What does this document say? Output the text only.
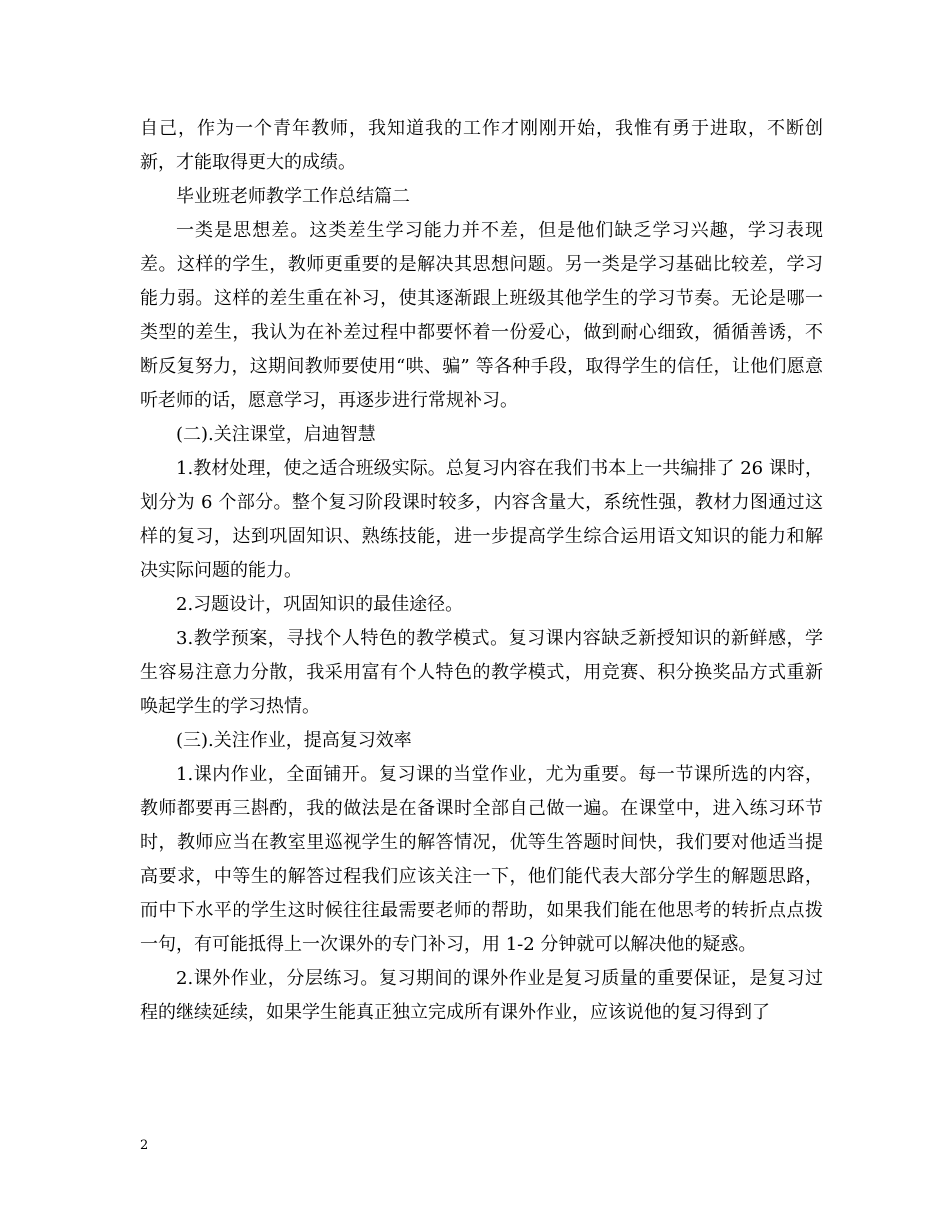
自己，作为一个青年教师，我知道我的工作才刚刚开始，我惟有勇于进取，不断创新，才能取得更大的成绩。

毕业班老师教学工作总结篇二

一类是思想差。这类差生学习能力并不差，但是他们缺乏学习兴趣，学习表现差。这样的学生，教师更重要的是解决其思想问题。另一类是学习基础比较差，学习能力弱。这样的差生重在补习，使其逐渐跟上班级其他学生的学习节奏。无论是哪一类型的差生，我认为在补差过程中都要怀着一份爱心，做到耐心细致，循循善诱，不断反复努力，这期间教师要使用“哄、骗” 等各种手段，取得学生的信任，让他们愿意听老师的话，愿意学习，再逐步进行常规补习。

(二).关注课堂，启迪智慧

1.教材处理，使之适合班级实际。总复习内容在我们书本上一共编排了 26 课时，划分为 6 个部分。整个复习阶段课时较多，内容含量大，系统性强，教材力图通过这样的复习，达到巩固知识、熟练技能，进一步提高学生综合运用语文知识的能力和解决实际问题的能力。

2.习题设计，巩固知识的最佳途径。

3.教学预案，寻找个人特色的教学模式。复习课内容缺乏新授知识的新鲜感，学生容易注意力分散，我采用富有个人特色的教学模式，用竞赛、积分换奖品方式重新唤起学生的学习热情。

(三).关注作业，提高复习效率

1.课内作业，全面铺开。复习课的当堂作业，尤为重要。每一节课所选的内容，教师都要再三斟酌，我的做法是在备课时全部自己做一遍。在课堂中，进入练习环节时，教师应当在教室里巡视学生的解答情况，优等生答题时间快，我们要对他适当提高要求，中等生的解答过程我们应该关注一下，他们能代表大部分学生的解题思路，而中下水平的学生这时候往往最需要老师的帮助，如果我们能在他思考的转折点点拨一句，有可能抵得上一次课外的专门补习，用 1-2 分钟就可以解决他的疑惑。

2.课外作业，分层练习。复习期间的课外作业是复习质量的重要保证，是复习过程的继续延续，如果学生能真正独立完成所有课外作业，应该说他的复习得到了

2
